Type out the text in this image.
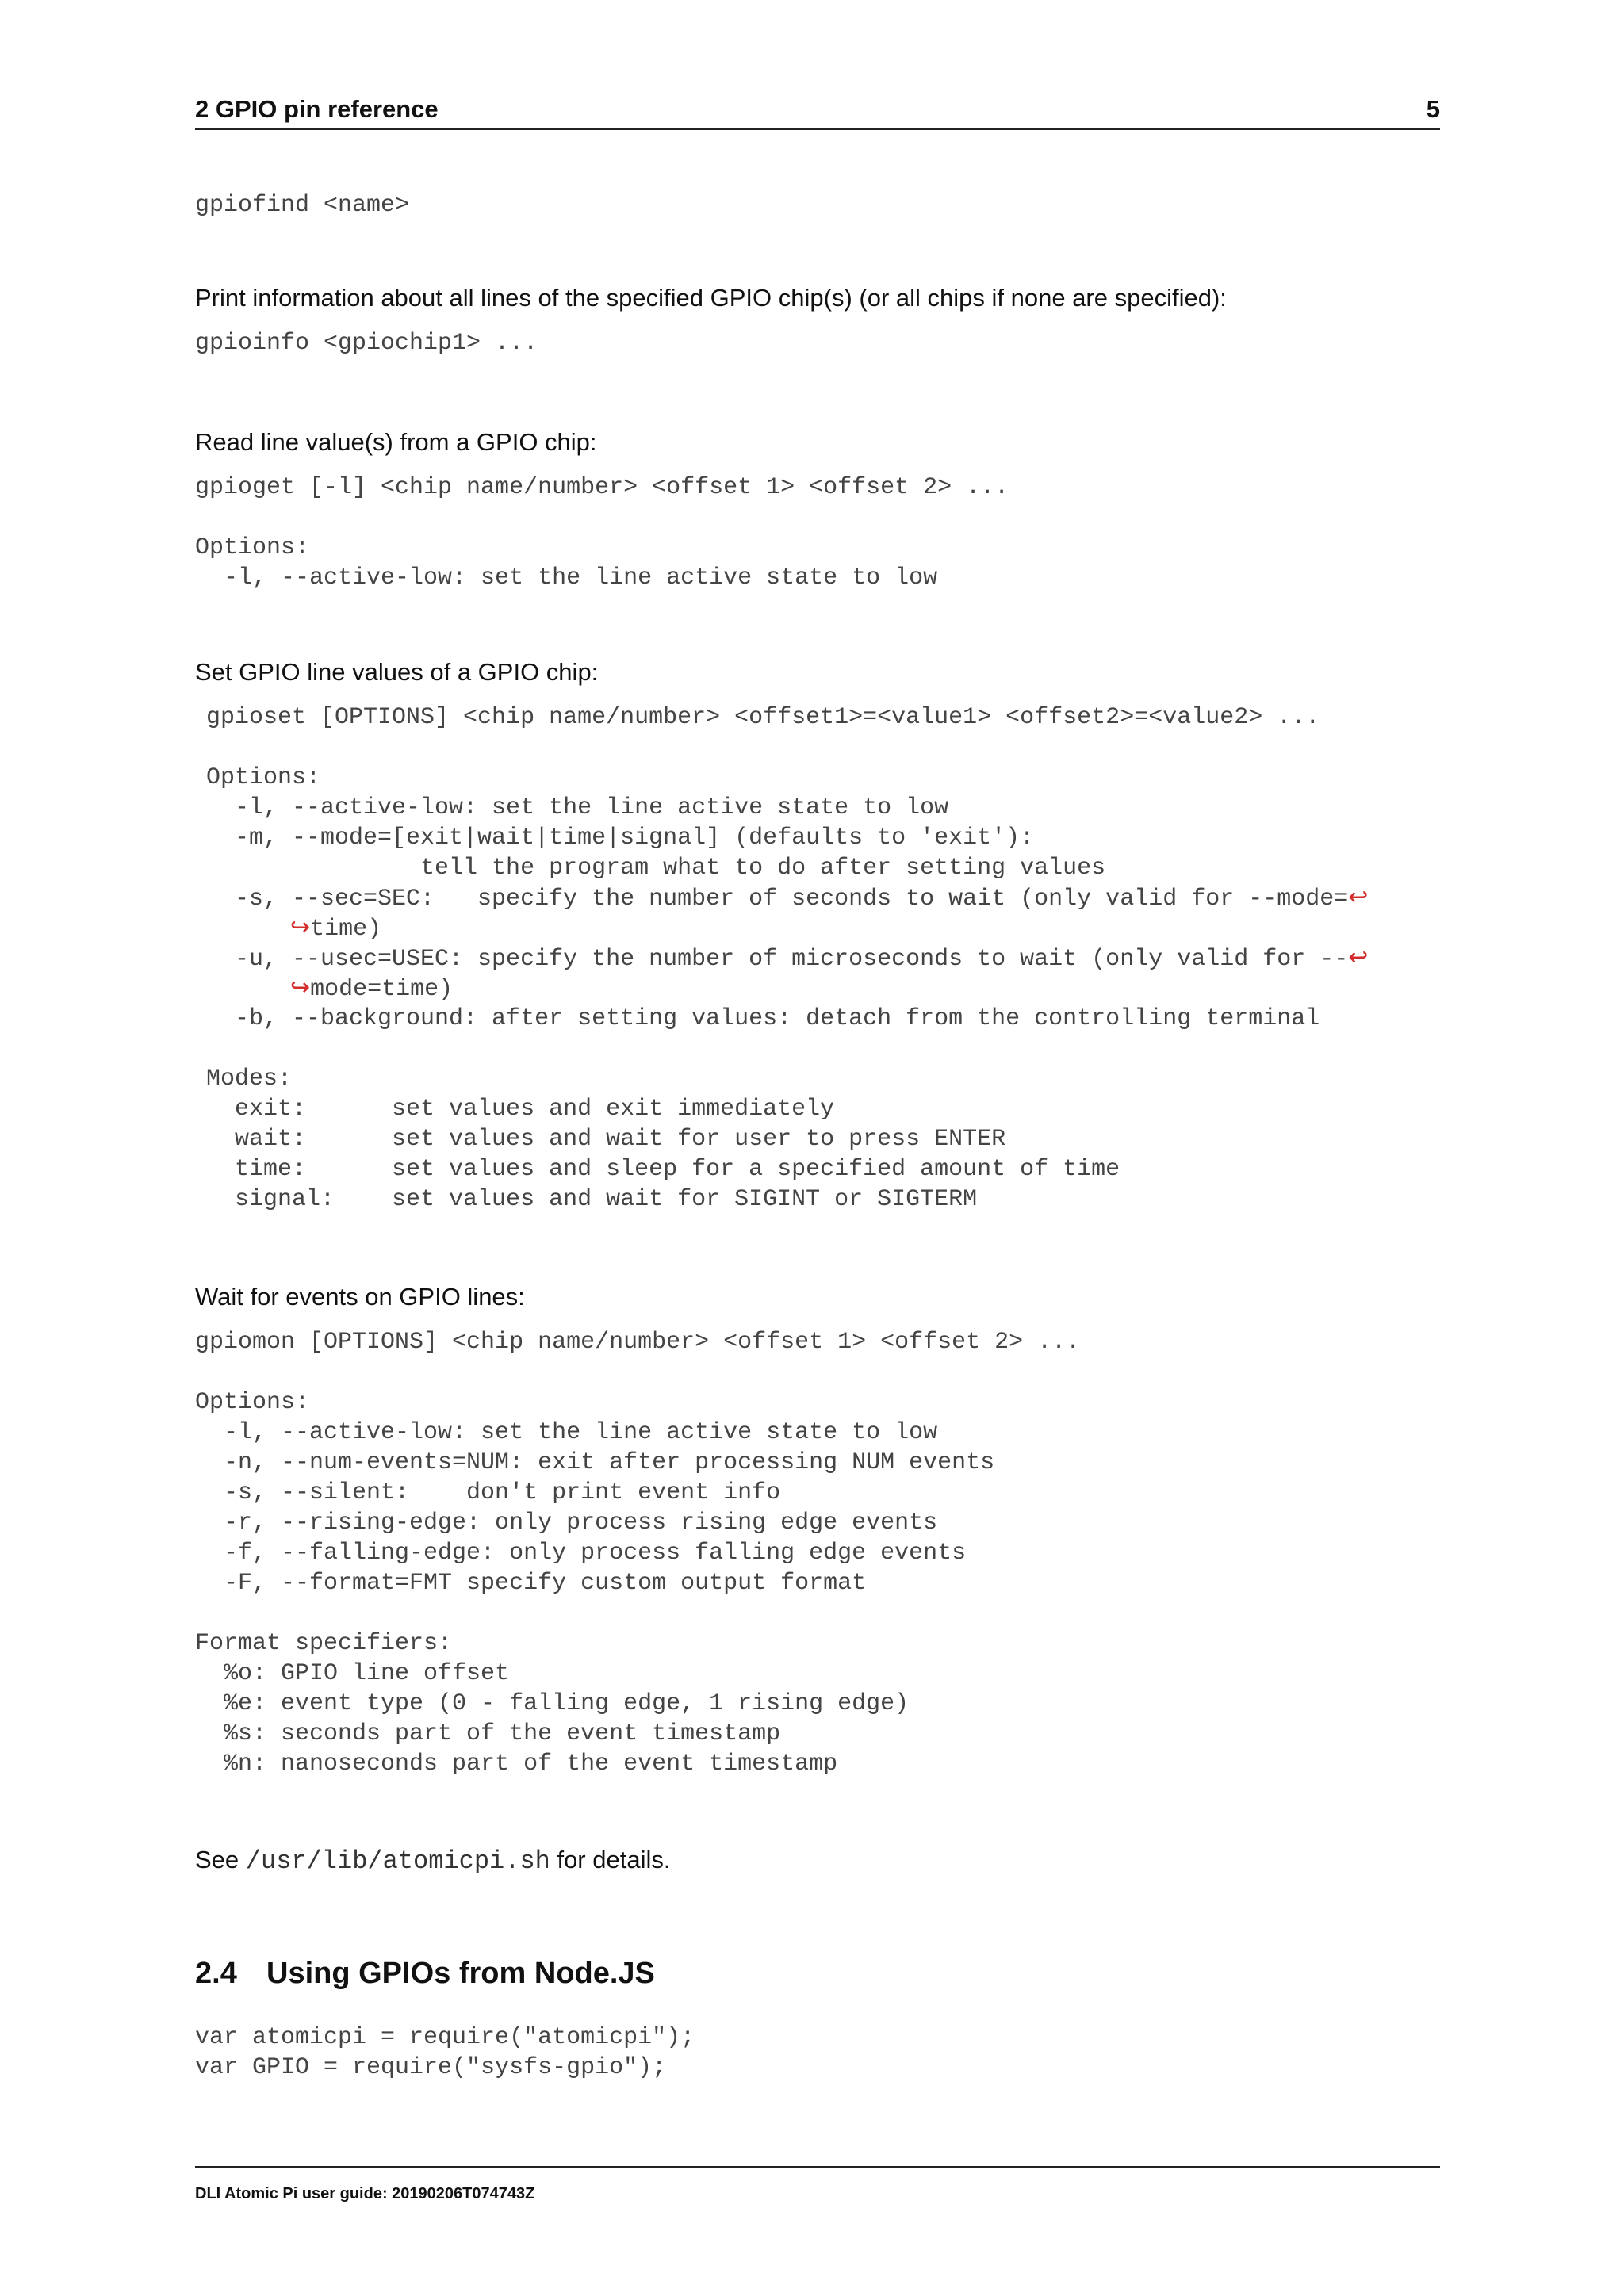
2 GPIO pin reference	5
gpiofind <name>

Print information about all lines of the specified GPIO chip(s) (or all chips if none are specified):

gpioinfo <gpiochip1> ...

Read line value(s) from a GPIO chip:

gpioget [-l] <chip name/number> <offset 1> <offset 2> ...
Options:
-l, --active-low: set the line active state to low

Set GPIO line values of a GPIO chip:

gpioset [OPTIONS] <chip name/number> <offset1>=<value1> <offset2>=<value2> ...
Options:
-l, --active-low: set the line active state to low
-m, --mode=[exit|wait|time|signal] (defaults to 'exit'):
tell the program what to do after setting values
-s, --sec=SEC:   specify the number of seconds to wait (only valid for --mode=↩
↪time)
-u, --usec=USEC: specify the number of microseconds to wait (only valid for --↩
↪mode=time)
-b, --background: after setting values: detach from the controlling terminal
Modes:
exit:      set values and exit immediately
wait:      set values and wait for user to press ENTER
time:      set values and sleep for a specified amount of time
signal:    set values and wait for SIGINT or SIGTERM

Wait for events on GPIO lines:

gpiomon [OPTIONS] <chip name/number> <offset 1> <offset 2> ...
Options:
-l, --active-low: set the line active state to low
-n, --num-events=NUM: exit after processing NUM events
-s, --silent:    don't print event info
-r, --rising-edge: only process rising edge events
-f, --falling-edge: only process falling edge events
-F, --format=FMT specify custom output format
Format specifiers:
%o: GPIO line offset
%e: event type (0 - falling edge, 1 rising edge)
%s: seconds part of the event timestamp
%n: nanoseconds part of the event timestamp

See /usr/lib/atomicpi.sh for details.

2.4 Using GPIOs from Node.JS
var atomicpi = require("atomicpi");
var GPIO = require("sysfs-gpio");
DLI Atomic Pi user guide: 20190206T074743Z
